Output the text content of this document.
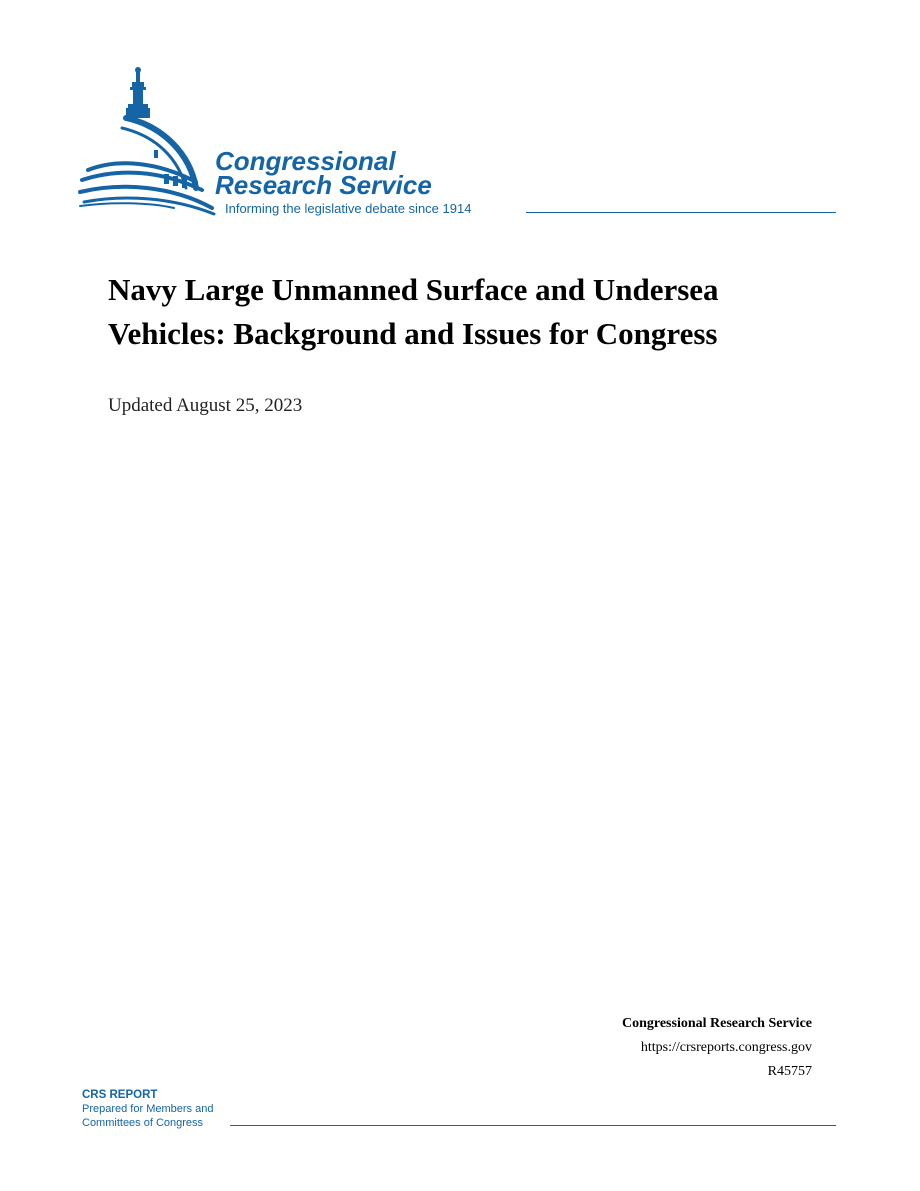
Congressional

Research Service

Informing the legislative debate since 1914
Navy Large Unmanned Surface and Undersea Vehicles: Background and Issues for Congress
Updated August 25, 2023
Congressional Research Service
https://crsreports.congress.gov
R45757
CRS REPORT
Prepared for Members and
Committees of Congress
